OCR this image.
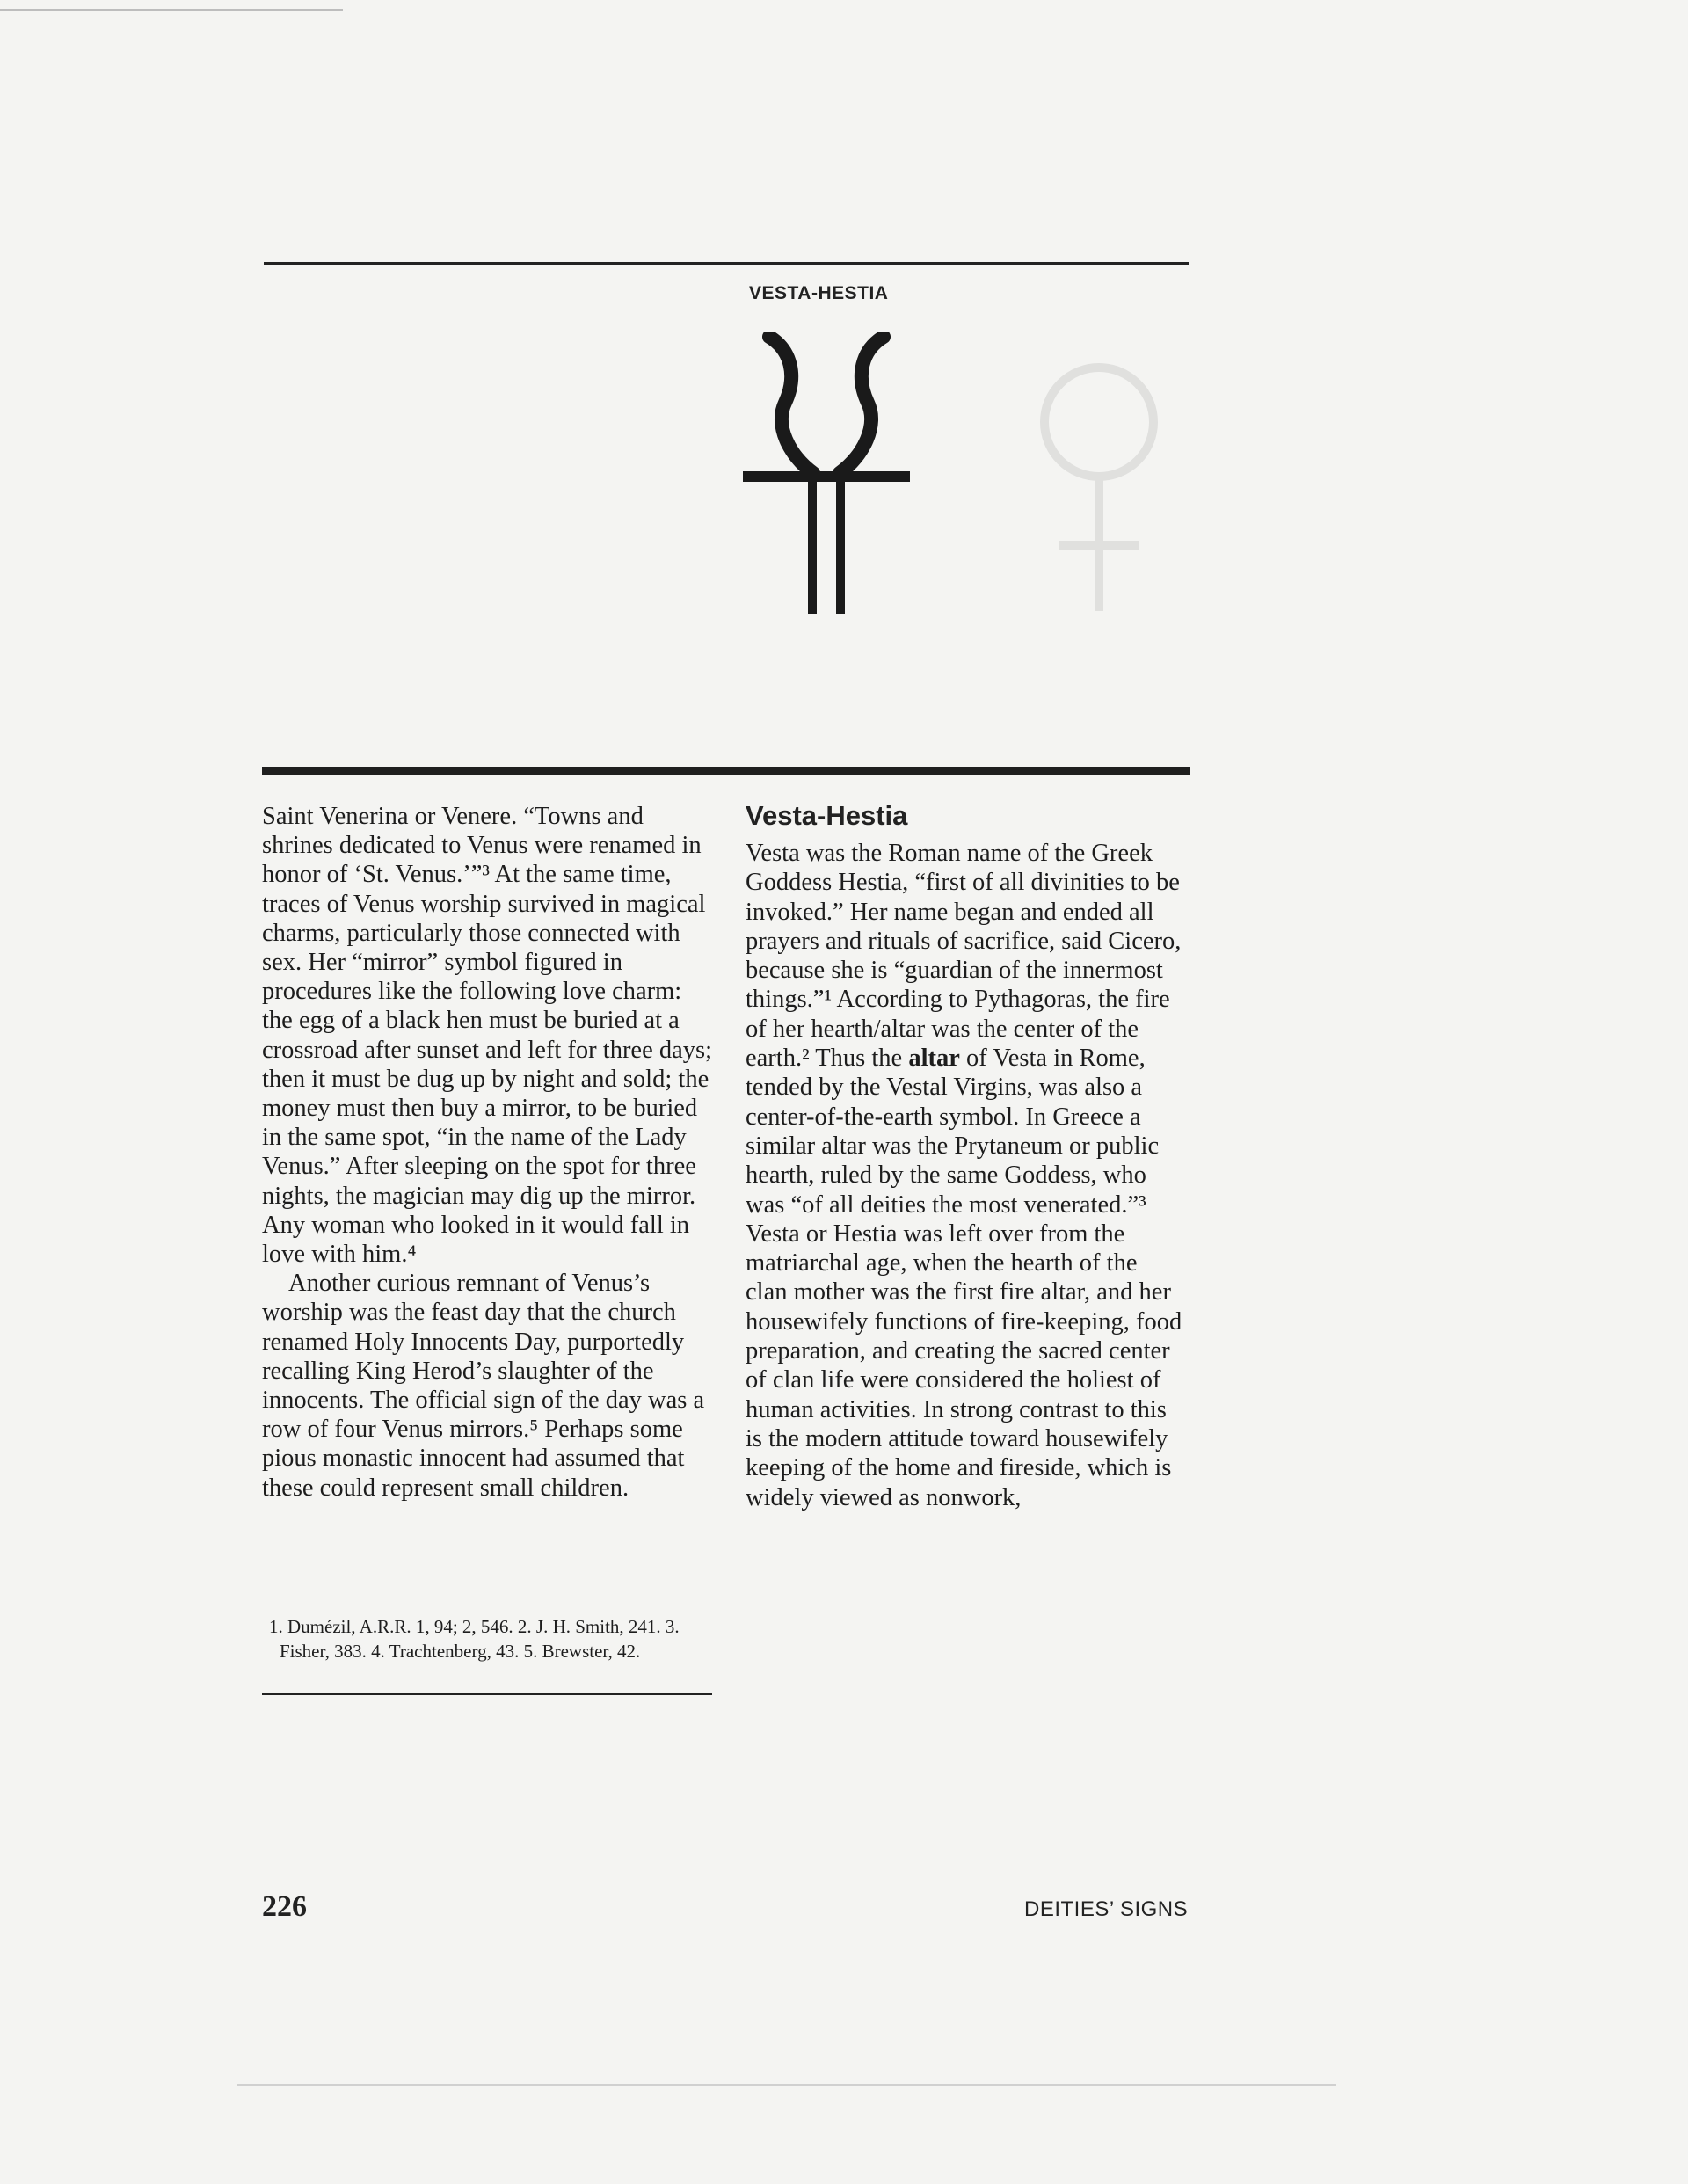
VESTA-HESTIA

Saint Venerina or Venere. “Towns and shrines dedicated to Venus were renamed in honor of ‘St. Venus.’”³ At the same time, traces of Venus worship survived in magical charms, particularly those connected with sex. Her “mirror” symbol figured in procedures like the following love charm: the egg of a black hen must be buried at a crossroad after sunset and left for three days; then it must be dug up by night and sold; the money must then buy a mirror, to be buried in the same spot, “in the name of the Lady Venus.” After sleeping on the spot for three nights, the magician may dig up the mirror. Any woman who looked in it would fall in love with him.⁴

Another curious remnant of Venus’s worship was the feast day that the church renamed Holy Innocents Day, purportedly recalling King Herod’s slaughter of the innocents. The official sign of the day was a row of four Venus mirrors.⁵ Perhaps some pious monastic innocent had assumed that these could represent small children.

1. Dumézil, A.R.R. 1, 94; 2, 546. 2. J. H. Smith, 241. 3. Fisher, 383. 4. Trachtenberg, 43. 5. Brewster, 42.
Vesta-Hestia

Vesta was the Roman name of the Greek Goddess Hestia, “first of all divinities to be invoked.” Her name began and ended all prayers and rituals of sacrifice, said Cicero, because she is “guardian of the innermost things.”¹ According to Pythagoras, the fire of her hearth/altar was the center of the earth.² Thus the altar of Vesta in Rome, tended by the Vestal Virgins, was also a center-of-the-earth symbol. In Greece a similar altar was the Prytaneum or public hearth, ruled by the same Goddess, who was “of all deities the most venerated.”³ Vesta or Hestia was left over from the matriarchal age, when the hearth of the clan mother was the first fire altar, and her housewifely functions of fire-keeping, food preparation, and creating the sacred center of clan life were considered the holiest of human activities. In strong contrast to this is the modern attitude toward housewifely keeping of the home and fireside, which is widely viewed as nonwork,

226	DEITIES’ SIGNS
